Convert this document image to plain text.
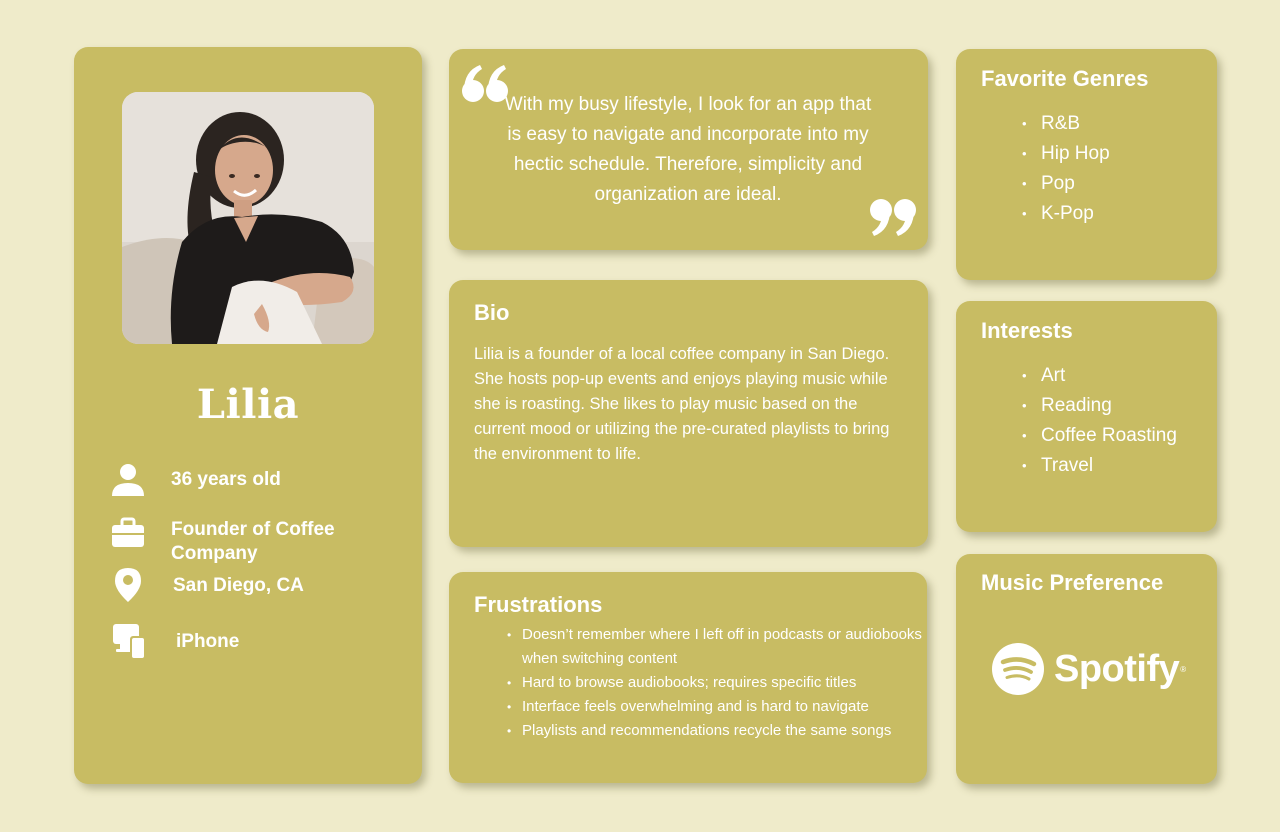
Lilia
36 years old
Founder of Coffee Company
San Diego, CA
iPhone
With my busy lifestyle, I look for an app that is easy to navigate and incorporate into my hectic schedule. Therefore, simplicity and organization are ideal.
Bio
Lilia is a founder of a local coffee company in San Diego. She hosts pop-up events and enjoys playing music while she is roasting. She likes to play music based on the current mood or utilizing the pre-curated playlists to bring the environment to life.
Frustrations
• Doesn’t remember where I left off in podcasts or audiobooks when switching content
• Hard to browse audiobooks; requires specific titles
• Interface feels overwhelming and is hard to navigate
• Playlists and recommendations recycle the same songs
Favorite Genres
• R&B
• Hip Hop
• Pop
• K-Pop
Interests
• Art
• Reading
• Coffee Roasting
• Travel
Music Preference
Spotify ®
